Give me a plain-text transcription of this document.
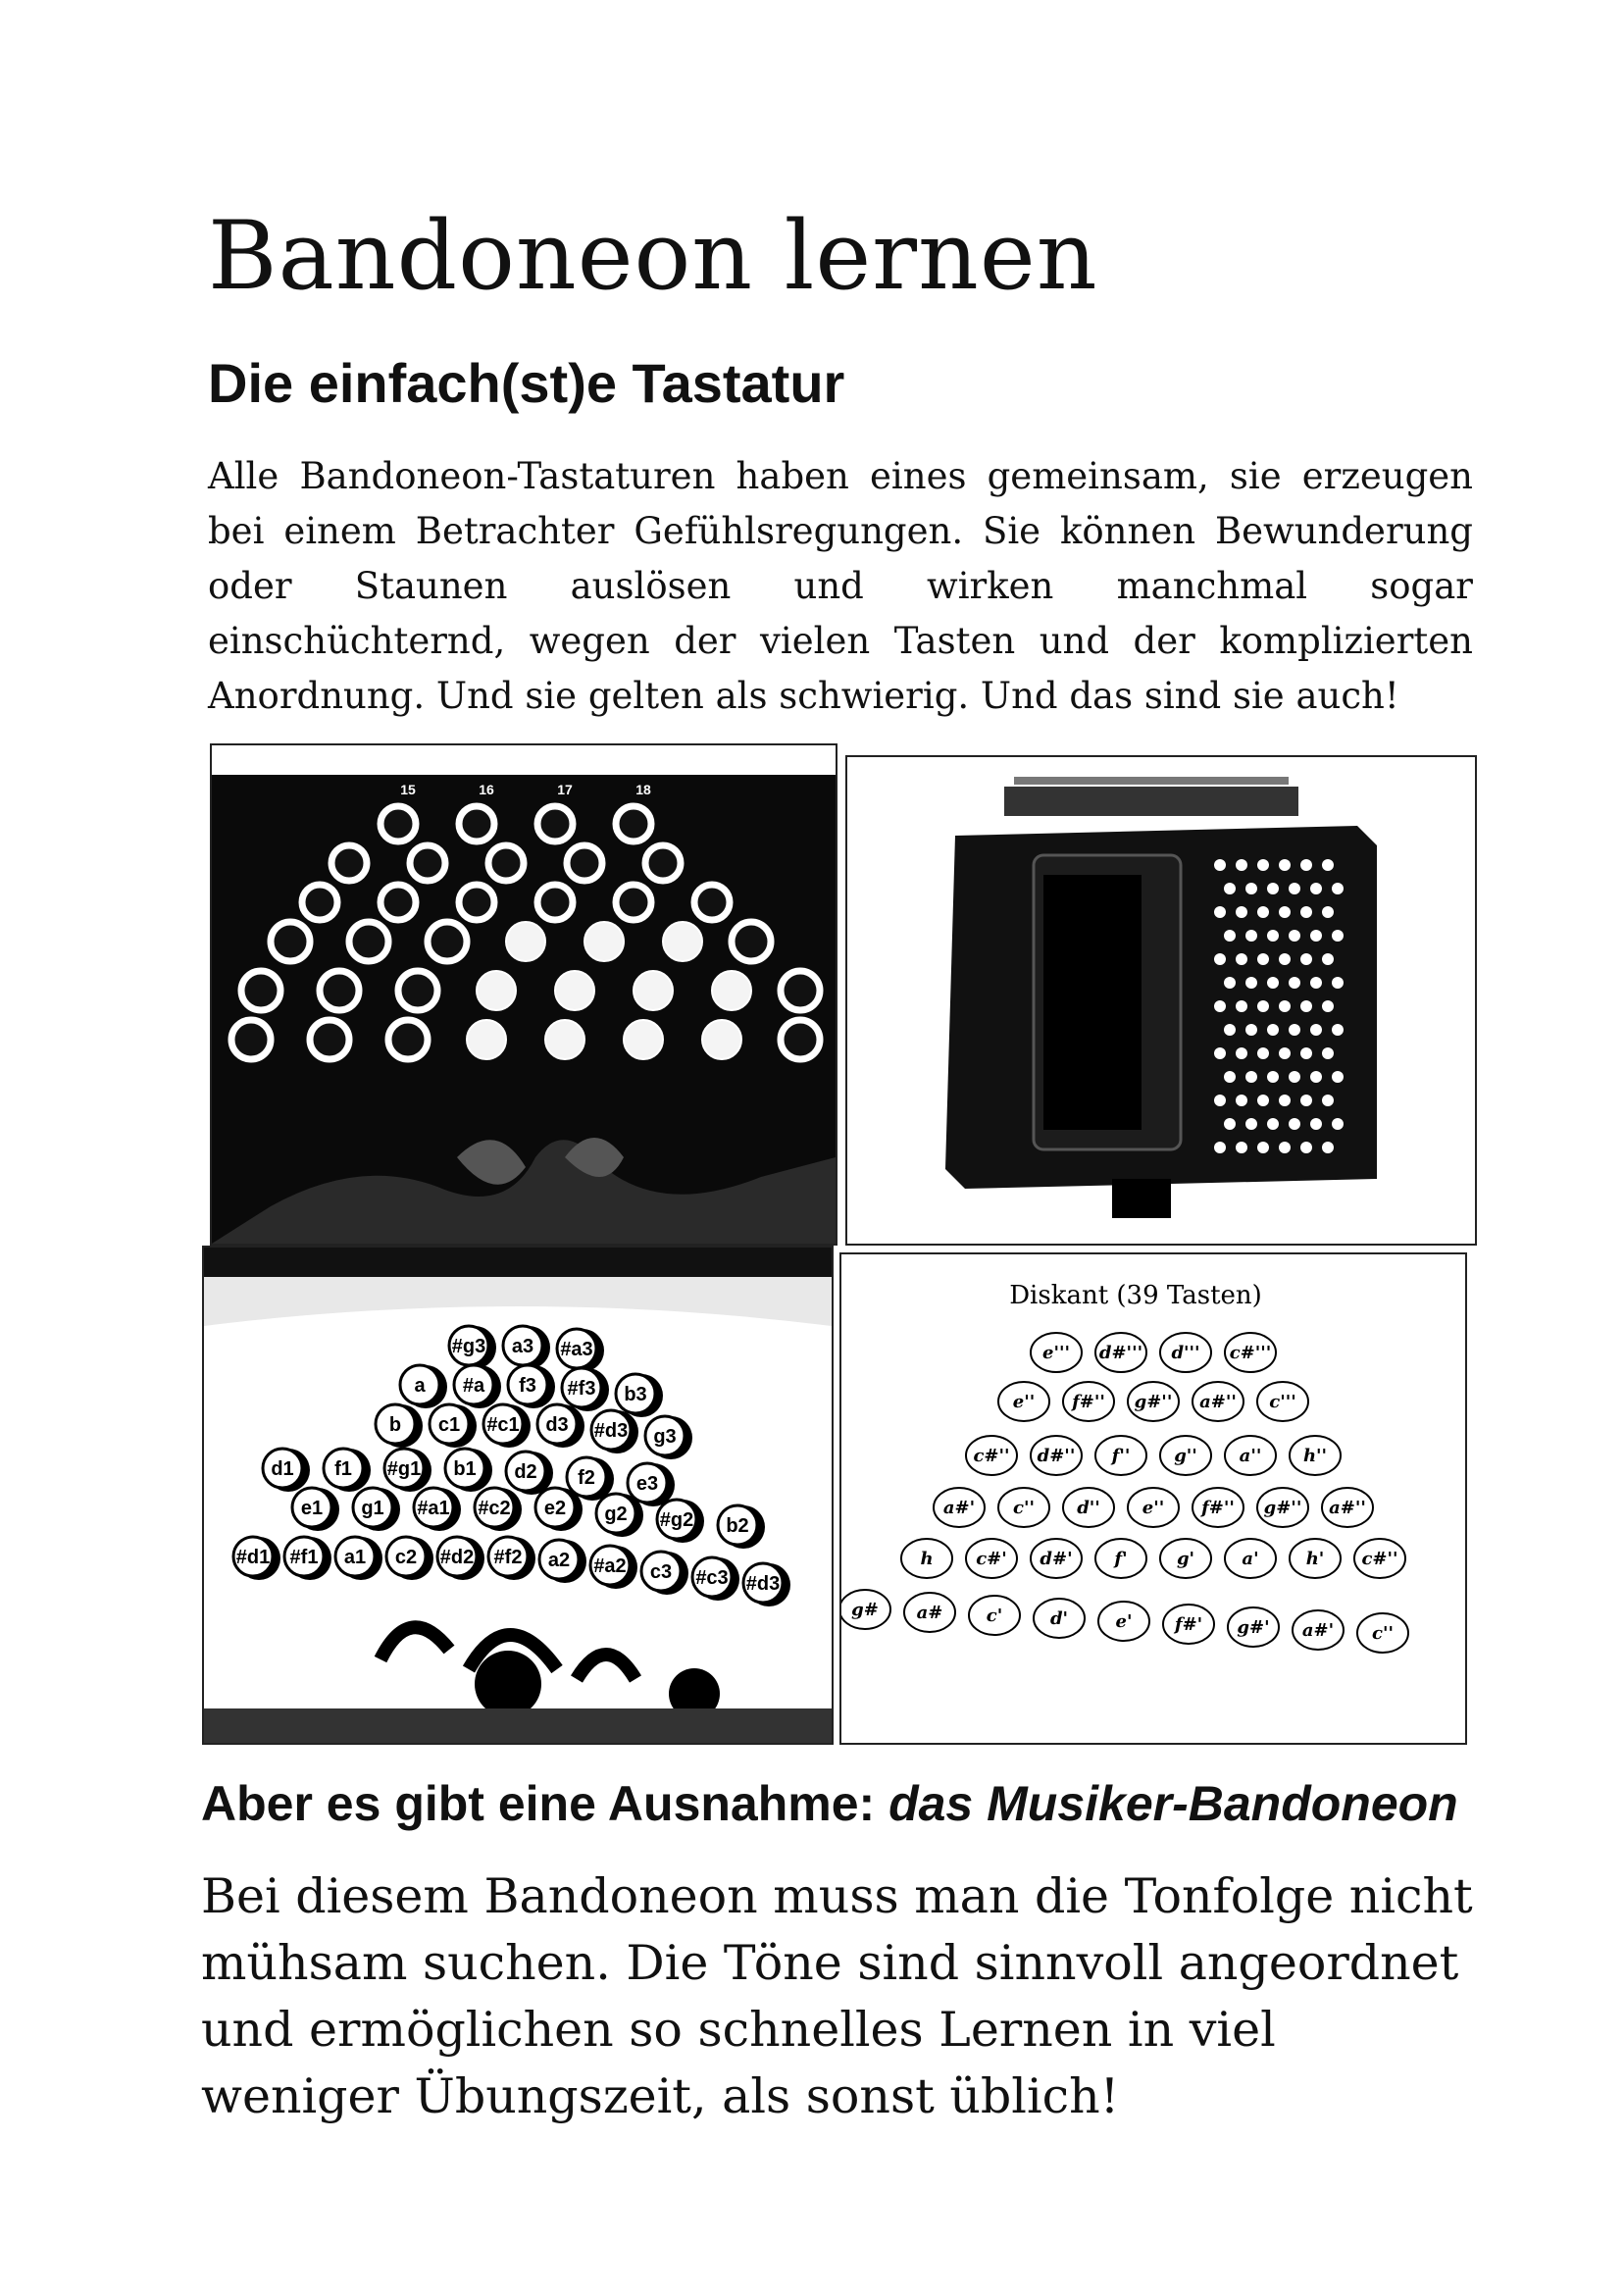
Bandoneon lernen
Die einfach(st)e Tastatur
Alle Bandoneon-Tastaturen haben eines gemeinsam, sie erzeugen bei einem Betrachter Gefühlsregungen. Sie können Bewunderung oder Staunen auslösen und wirken manchmal sogar einschüchternd, wegen der vielen Tasten und der komplizierten Anordnung. Und sie gelten als schwierig. Und das sind sie auch!
15	16	17	18
#g3 a3 #a3
a #a f3 #f3 b3
b c1 #c1 d3 #d3 g3
d1 f1 #g1 b1 d2 f2 e3
e1 g1 #a1 #c2 e2 g2 #g2 b2
#d1 #f1 a1 c2 #d2 #f2 a2 #a2 c3 #c3 #d3
Diskant (39 Tasten)
e''' d#''' d''' c#'''
e'' f#'' g#'' a#'' c'''
c#'' d#'' f'' g'' a'' h''
a#' c'' d'' e'' f#'' g#'' a#''
h c#' d#' f'	g'	a'	h' c#''
g# a# c'	d'	e' f#' g#' a#' c''
Aber es gibt eine Ausnahme: das Musiker-Bandoneon
Bei diesem Bandoneon muss man die Tonfolge nicht mühsam suchen. Die Töne sind sinnvoll angeordnet und ermöglichen so schnelles Lernen in viel weniger Übungszeit, als sonst üblich!
